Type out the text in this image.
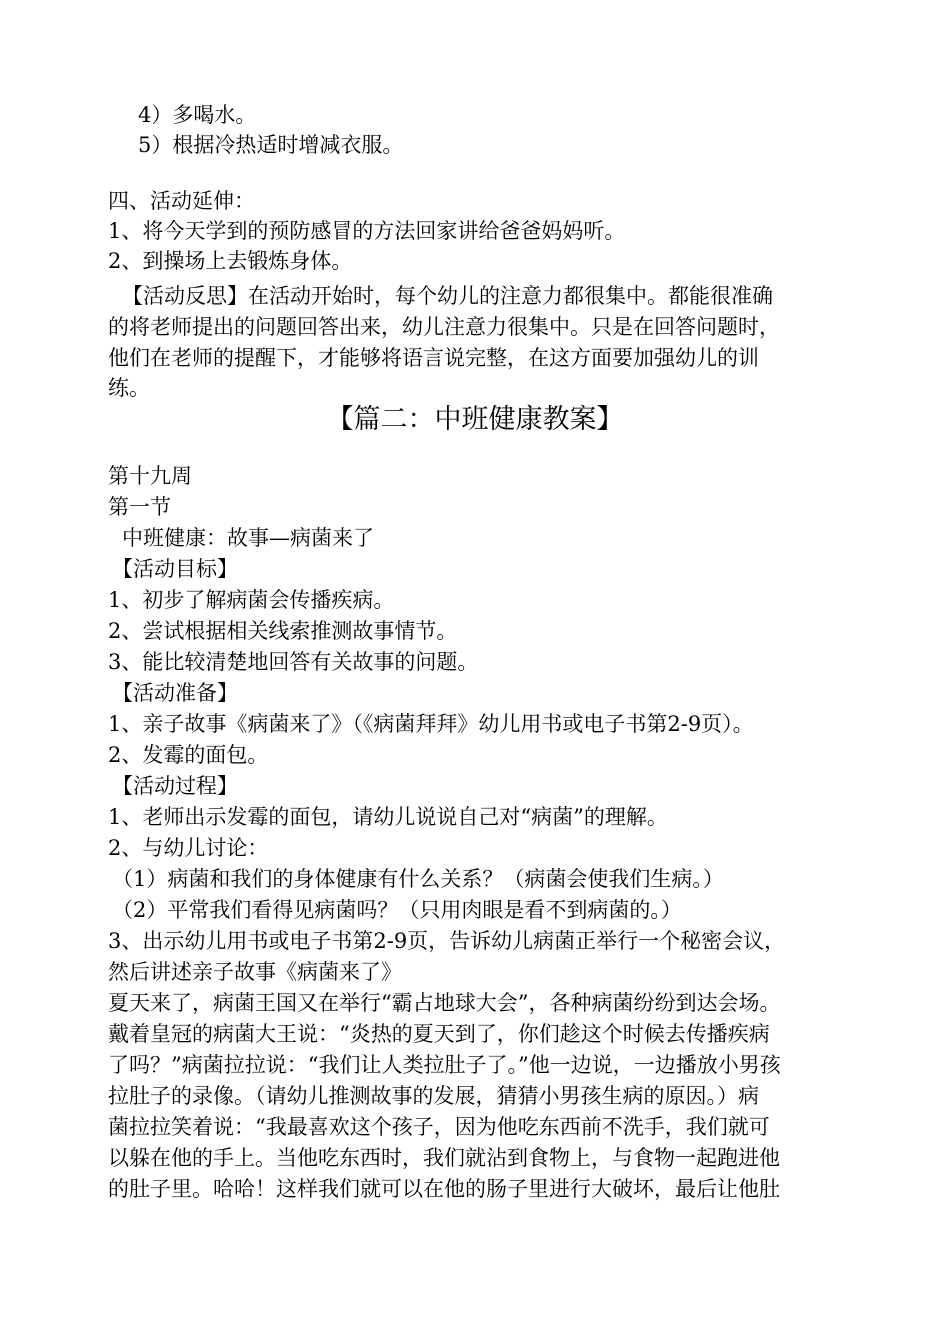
4）多喝水。
5）根据冷热适时增减衣服。
四、活动延伸：
1、将今天学到的预防感冒的方法回家讲给爸爸妈妈听。
2、到操场上去锻炼身体。
【活动反思】在活动开始时，每个幼儿的注意力都很集中。都能很准确
的将老师提出的问题回答出来，幼儿注意力很集中。只是在回答问题时，
他们在老师的提醒下，才能够将语言说完整，在这方面要加强幼儿的训
练。
【篇二：中班健康教案】
第十九周
第一节
中班健康：故事—病菌来了
【活动目标】
1、初步了解病菌会传播疾病。
2、尝试根据相关线索推测故事情节。
3、能比较清楚地回答有关故事的问题。
【活动准备】
1、亲子故事《病菌来了》（《病菌拜拜》幼儿用书或电子书第2-9页）。
2、发霉的面包。
【活动过程】
1、老师出示发霉的面包，请幼儿说说自己对“病菌”的理解。
2、与幼儿讨论：
（1）病菌和我们的身体健康有什么关系？（病菌会使我们生病。）
（2）平常我们看得见病菌吗？（只用肉眼是看不到病菌的。）
3、出示幼儿用书或电子书第2-9页，告诉幼儿病菌正举行一个秘密会议，
然后讲述亲子故事《病菌来了》
夏天来了，病菌王国又在举行“霸占地球大会”，各种病菌纷纷到达会场。
戴着皇冠的病菌大王说：“炎热的夏天到了，你们趁这个时候去传播疾病
了吗？”病菌拉拉说：“我们让人类拉肚子了。”他一边说，一边播放小男孩
拉肚子的录像。（请幼儿推测故事的发展，猜猜小男孩生病的原因。）病
菌拉拉笑着说：“我最喜欢这个孩子，因为他吃东西前不洗手，我们就可
以躲在他的手上。当他吃东西时，我们就沾到食物上，与食物一起跑进他
的肚子里。哈哈！这样我们就可以在他的肠子里进行大破坏，最后让他肚
